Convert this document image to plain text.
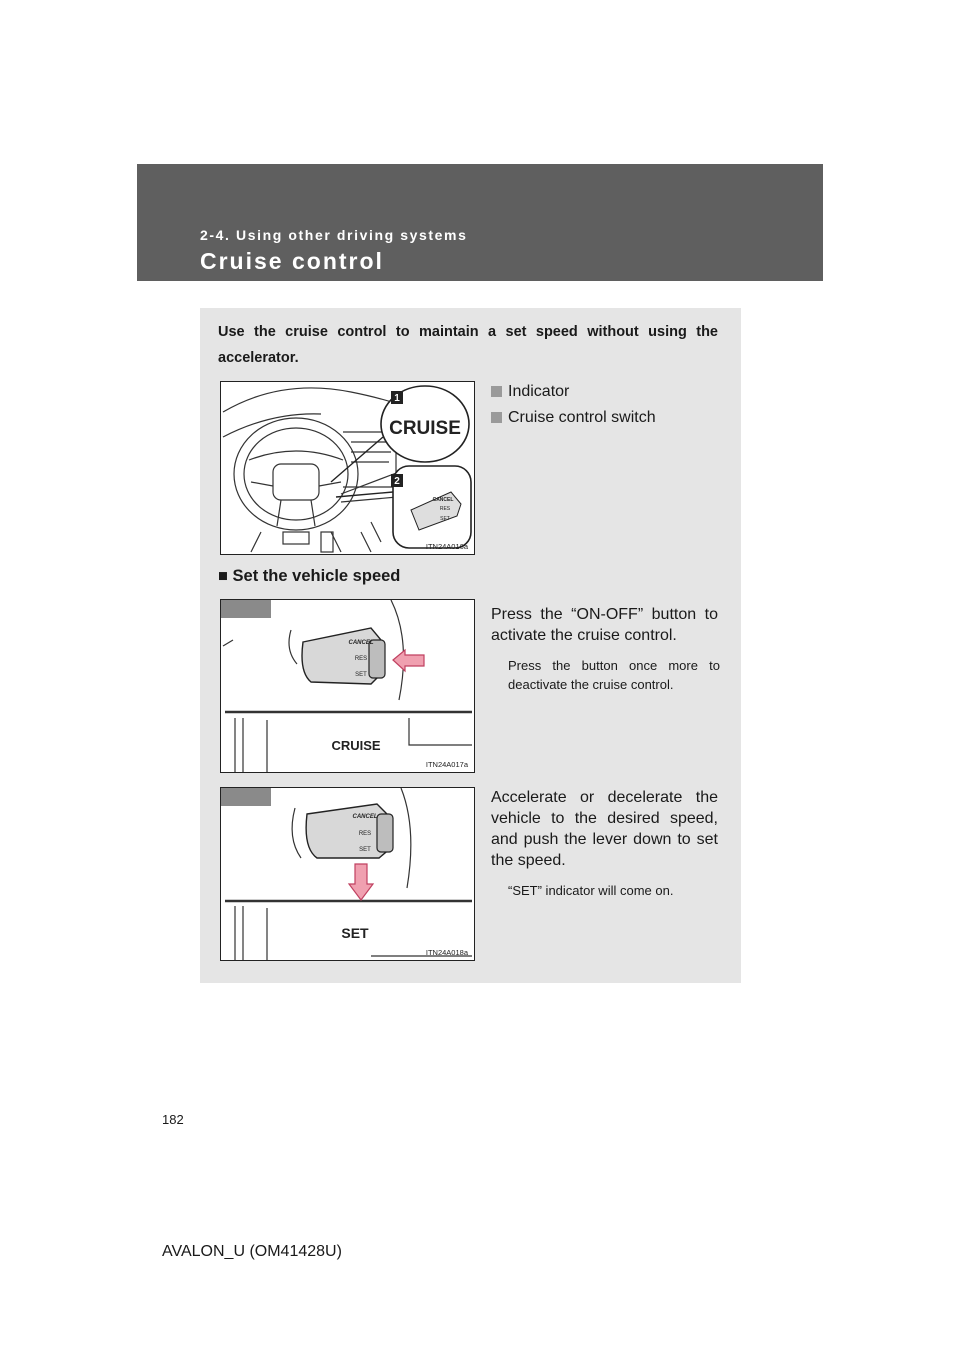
2-4. Using other driving systems
Cruise control
Use the cruise control to maintain a set speed without using the accelerator.
CRUISE
CANCEL
RES
SET
1
2
ITN24A016a
Indicator
Cruise control switch
■ Set the vehicle speed
CANCEL
RES
SET
CRUISE
ITN24A017a
Press the “ON-OFF” button to activate the cruise control.
Press the button once more to deactivate the cruise control.
CANCEL
RES
SET
SET
ITN24A018a
Accelerate or decelerate the vehicle to the desired speed, and push the lever down to set the speed.
“SET” indicator will come on.
182
AVALON_U (OM41428U)
